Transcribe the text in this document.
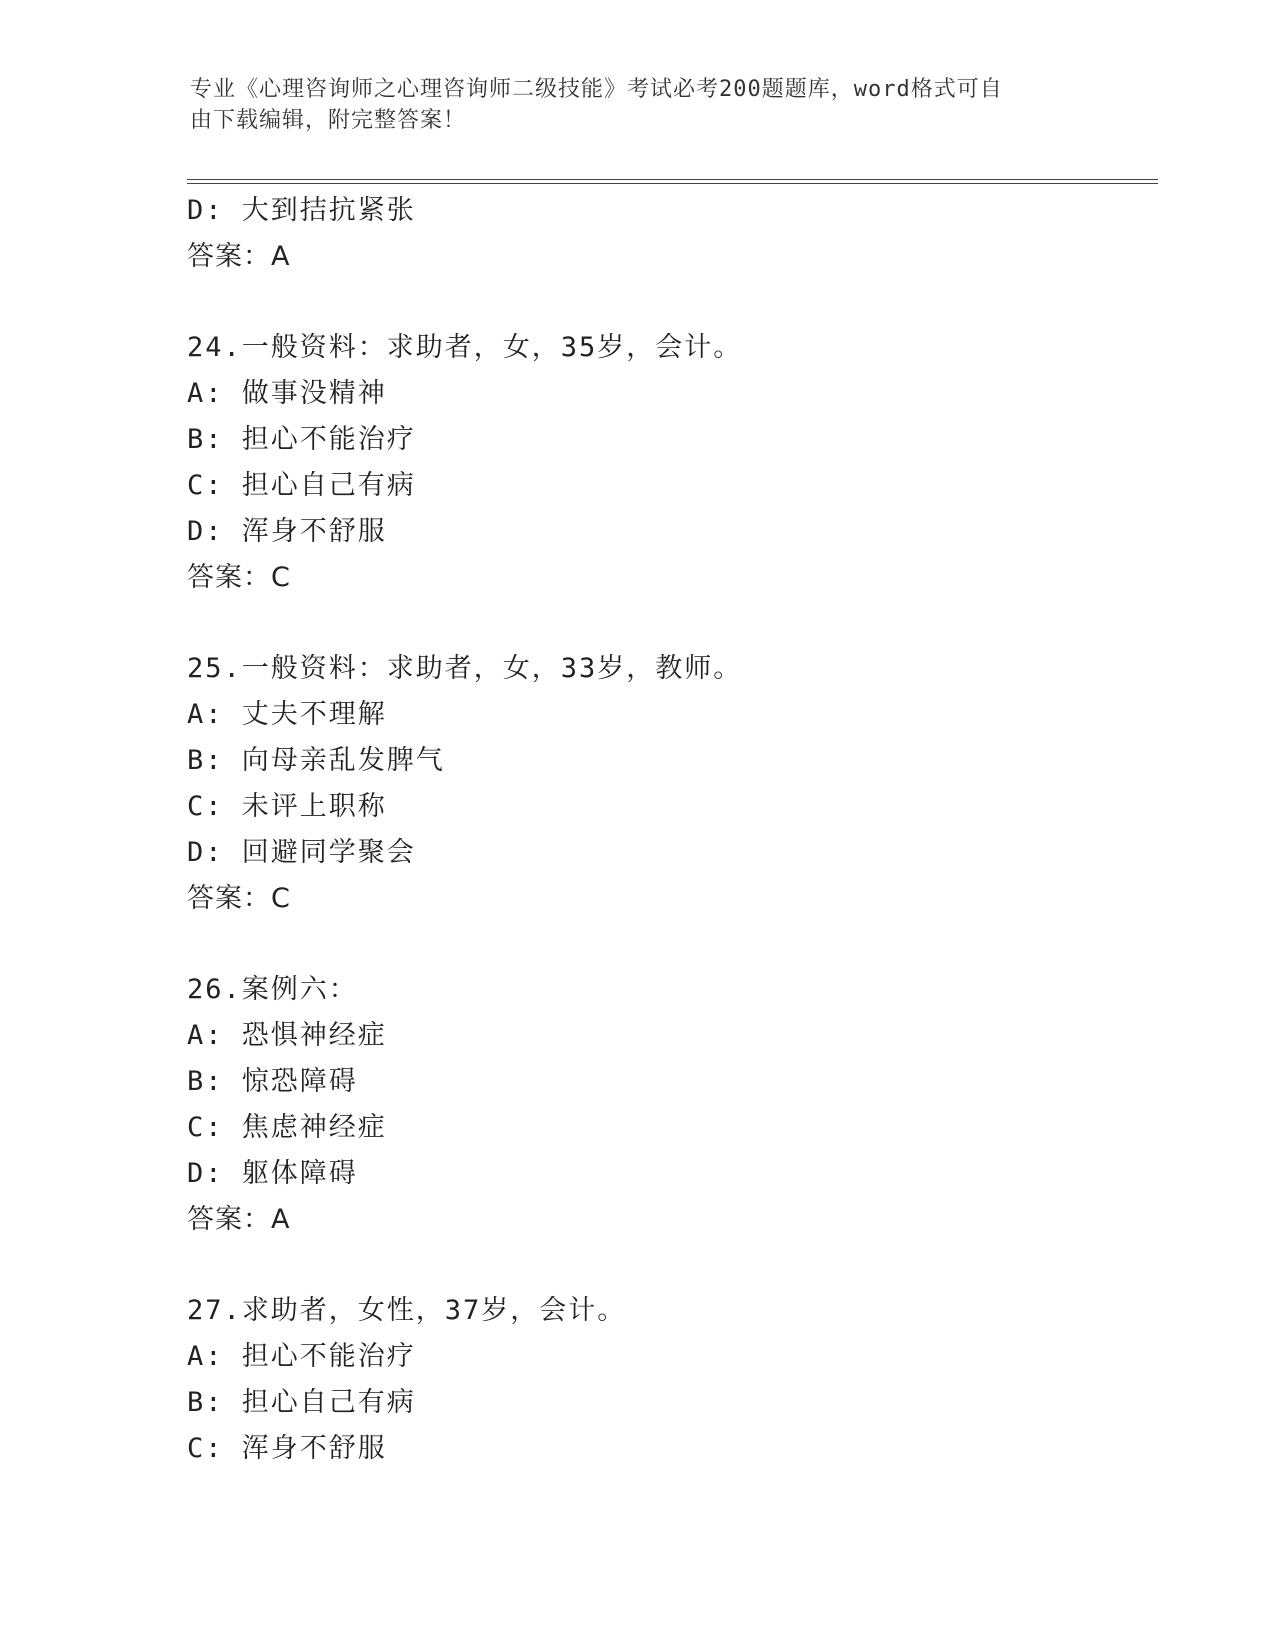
专业《心理咨询师之心理咨询师二级技能》考试必考200题题库，word格式可自
由下载编辑，附完整答案！
D: 大到拮抗紧张
答案：A
24.一般资料：求助者，女，35岁，会计。
A: 做事没精神
B: 担心不能治疗
C: 担心自己有病
D: 浑身不舒服
答案：C
25.一般资料：求助者，女，33岁，教师。
A: 丈夫不理解
B: 向母亲乱发脾气
C: 未评上职称
D: 回避同学聚会
答案：C
26.案例六：
A: 恐惧神经症
B: 惊恐障碍
C: 焦虑神经症
D: 躯体障碍
答案：A
27.求助者，女性，37岁，会计。
A: 担心不能治疗
B: 担心自己有病
C: 浑身不舒服
